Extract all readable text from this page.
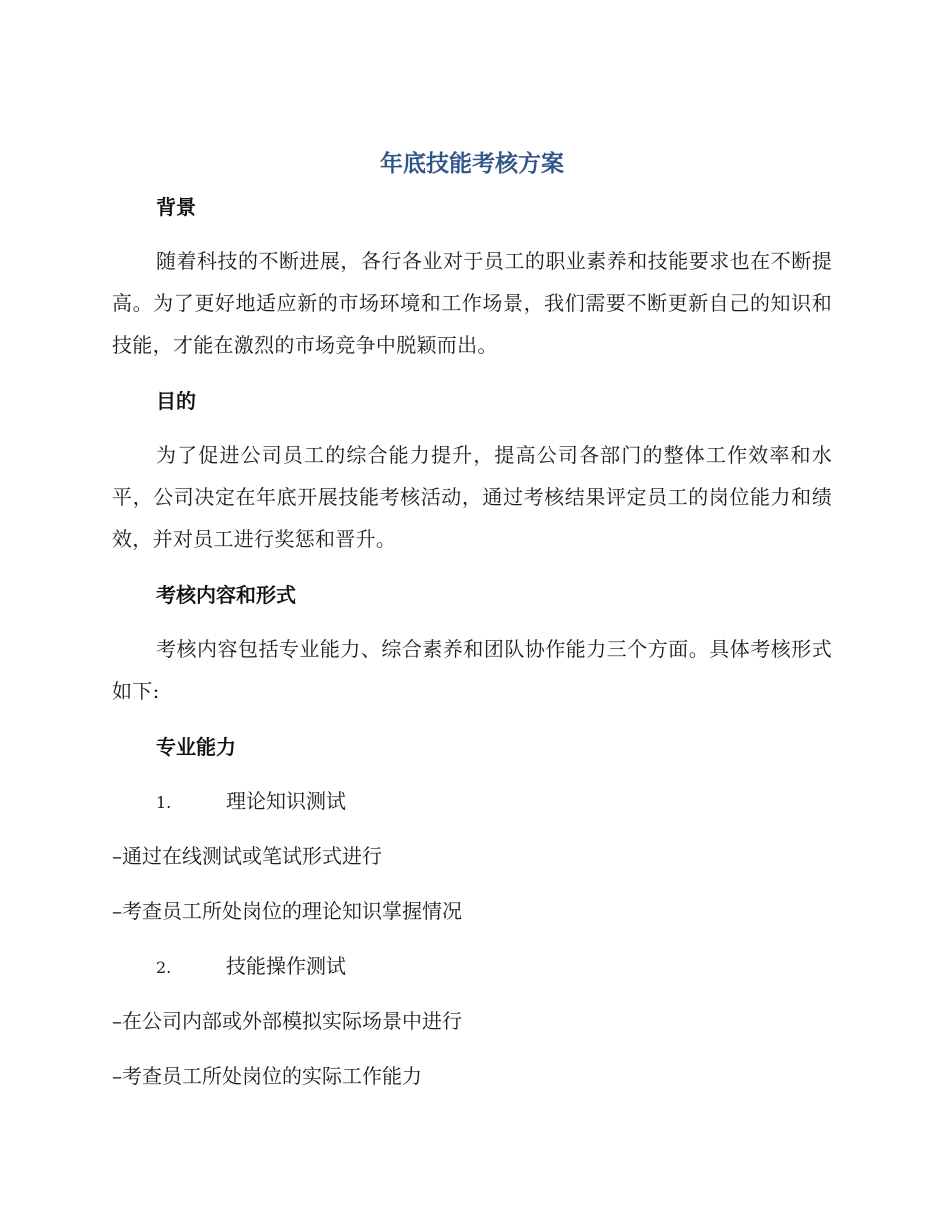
年底技能考核方案
背景

随着科技的不断进展，各行各业对于员工的职业素养和技能要求也在不断提高。为了更好地适应新的市场环境和工作场景，我们需要不断更新自己的知识和技能，才能在激烈的市场竞争中脱颖而出。

目的

为了促进公司员工的综合能力提升，提高公司各部门的整体工作效率和水平，公司决定在年底开展技能考核活动，通过考核结果评定员工的岗位能力和绩效，并对员工进行奖惩和晋升。

考核内容和形式

考核内容包括专业能力、综合素养和团队协作能力三个方面。具体考核形式如下:

专业能力
1.	理论知识测试

–通过在线测试或笔试形式进行

–考查员工所处岗位的理论知识掌握情况

2.	技能操作测试

–在公司内部或外部模拟实际场景中进行

–考查员工所处岗位的实际工作能力
